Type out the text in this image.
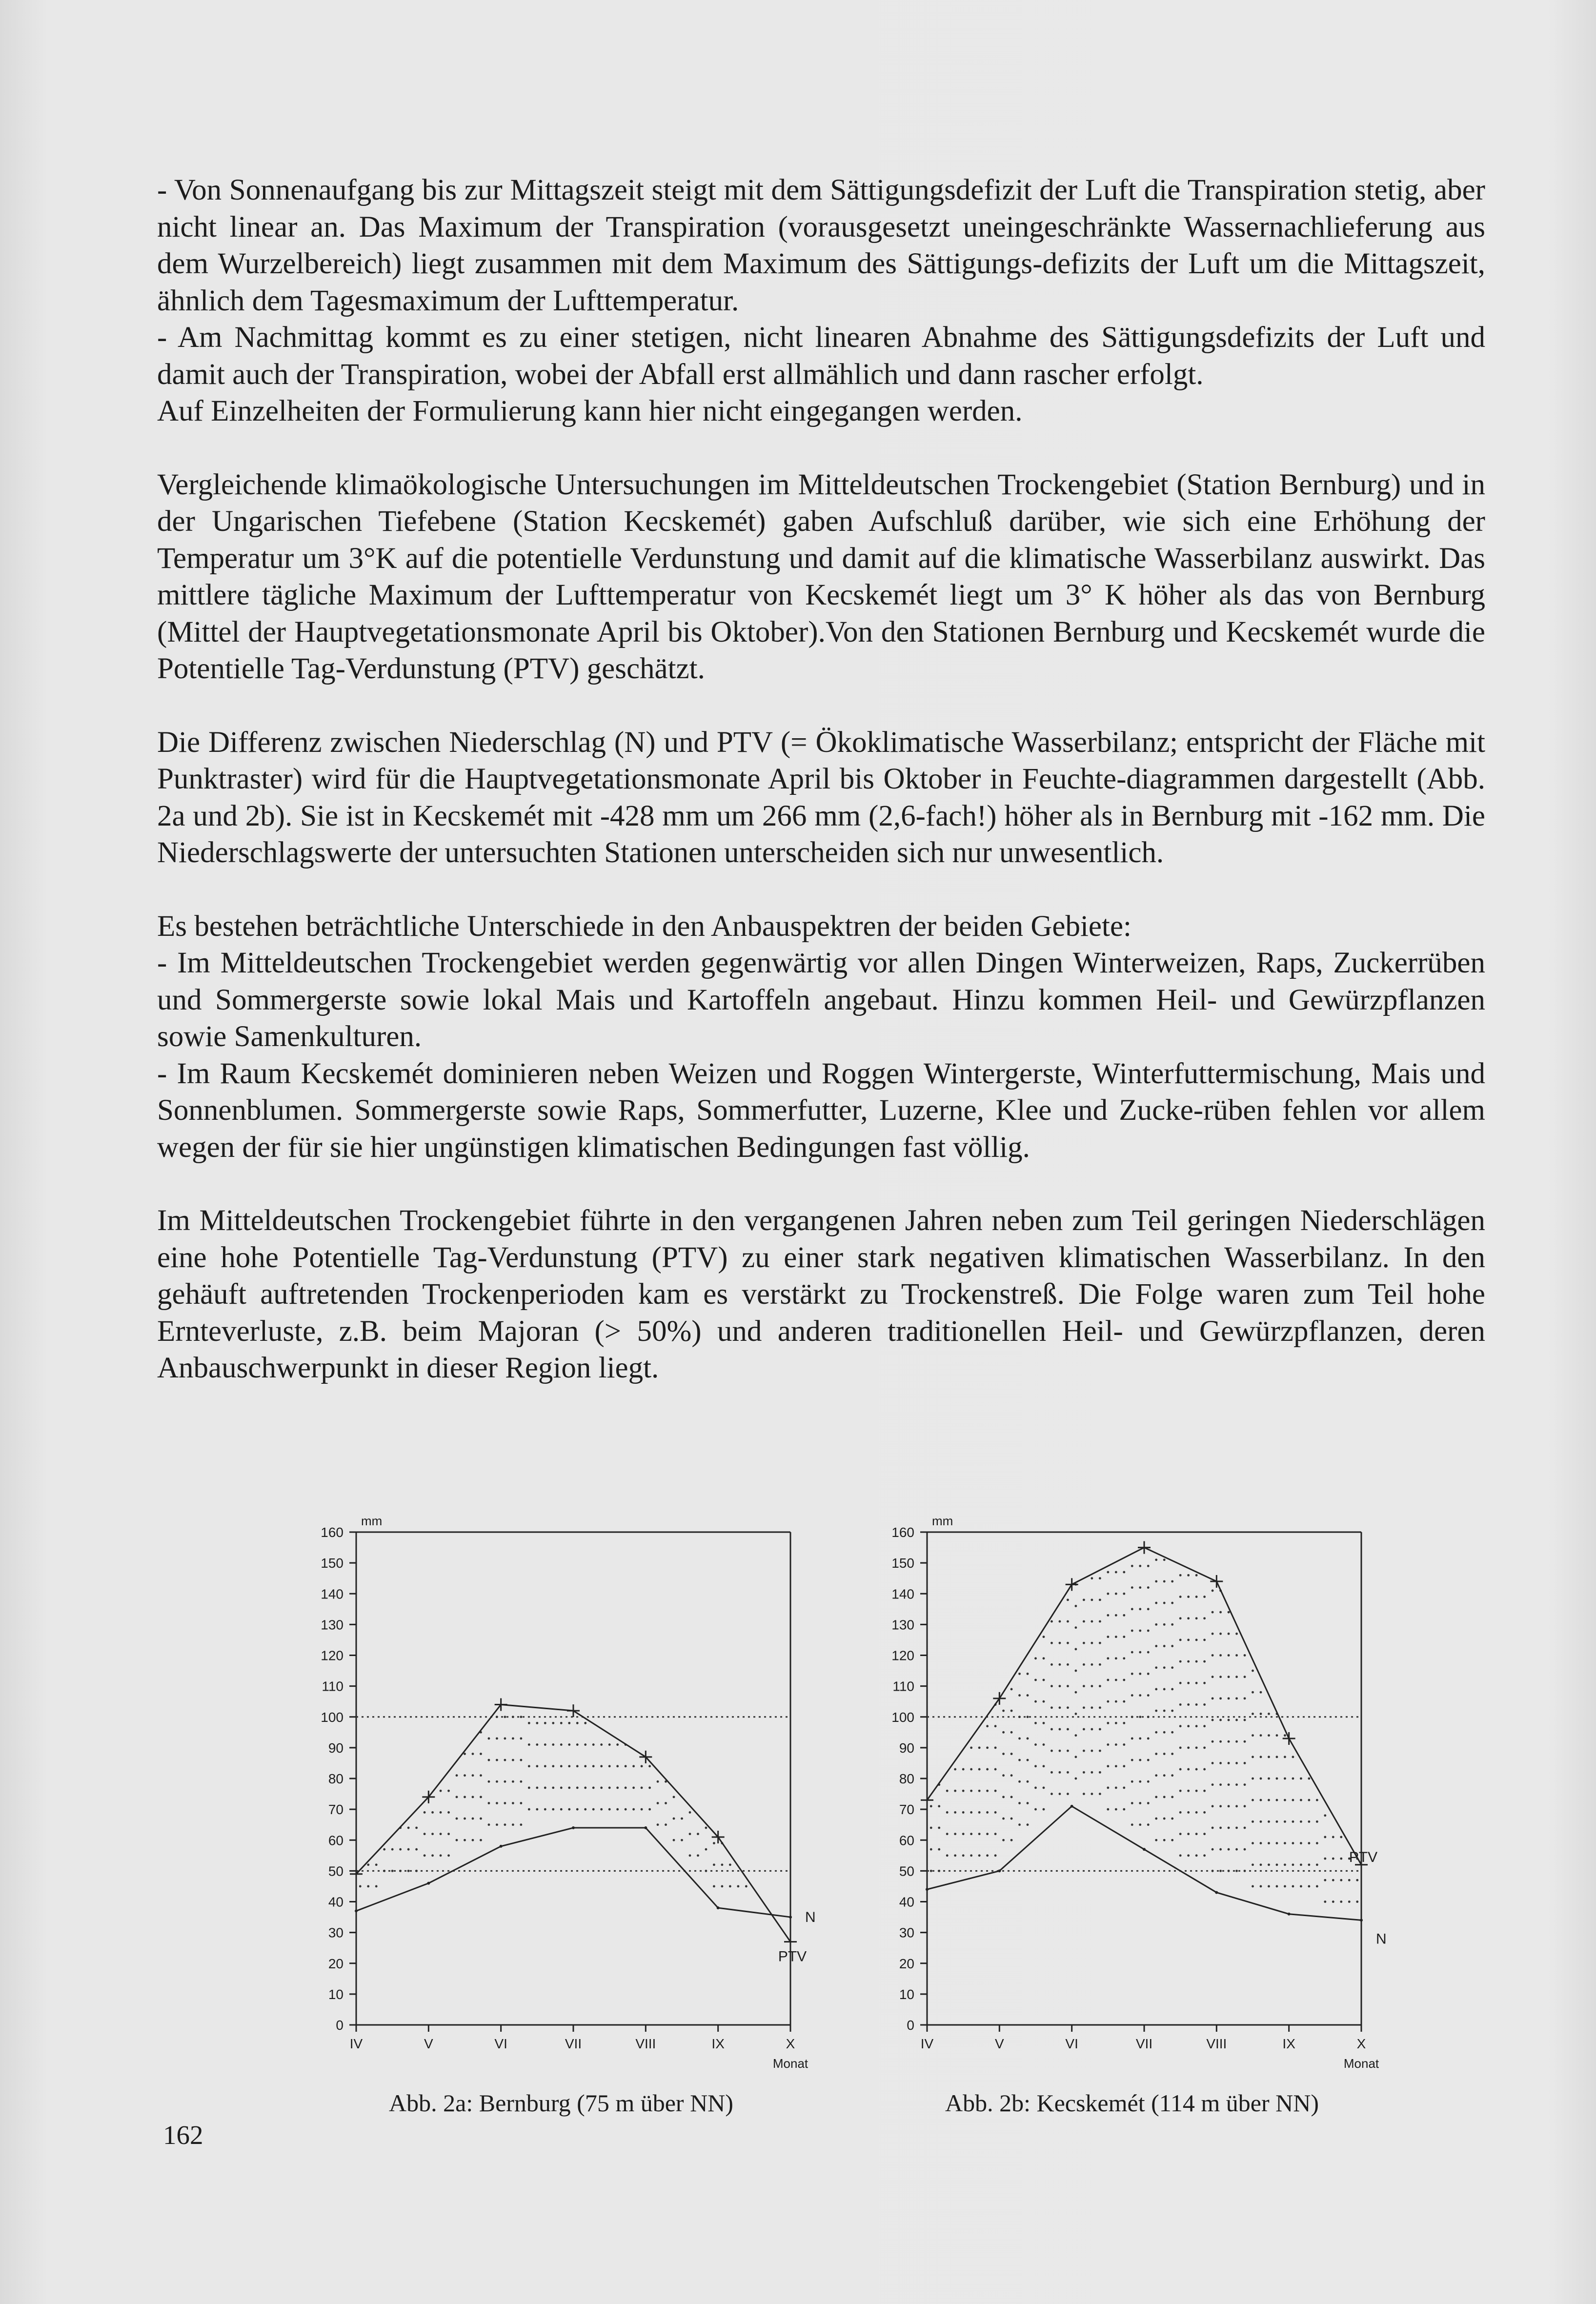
- Von Sonnenaufgang bis zur Mittagszeit steigt mit dem Sättigungsdefizit der Luft die Transpiration stetig, aber nicht linear an. Das Maximum der Transpiration (vorausgesetzt uneingeschränkte Wassernachlieferung aus dem Wurzelbereich) liegt zusammen mit dem Maximum des Sättigungs-defizits der Luft um die Mittagszeit, ähnlich dem Tagesmaximum der Lufttemperatur.
- Am Nachmittag kommt es zu einer stetigen, nicht linearen Abnahme des Sättigungsdefizits der Luft und damit auch der Transpiration, wobei der Abfall erst allmählich und dann rascher erfolgt.
Auf Einzelheiten der Formulierung kann hier nicht eingegangen werden.

Vergleichende klimaökologische Untersuchungen im Mitteldeutschen Trockengebiet (Station Bernburg) und in der Ungarischen Tiefebene (Station Kecskemét) gaben Aufschluß darüber, wie sich eine Erhöhung der Temperatur um 3°K auf die potentielle Verdunstung und damit auf die klimatische Wasserbilanz auswirkt. Das mittlere tägliche Maximum der Lufttemperatur von Kecskemét liegt um 3° K höher als das von Bernburg (Mittel der Hauptvegetationsmonate April bis Oktober).Von den Stationen Bernburg und Kecskemét wurde die Potentielle Tag-Verdunstung (PTV) geschätzt.

Die Differenz zwischen Niederschlag (N) und PTV (= Ökoklimatische Wasserbilanz; entspricht der Fläche mit Punktraster) wird für die Hauptvegetationsmonate April bis Oktober in Feuchte-diagrammen dargestellt (Abb. 2a und 2b). Sie ist in Kecskemét mit -428 mm um 266 mm (2,6-fach!) höher als in Bernburg mit -162 mm. Die Niederschlagswerte der untersuchten Stationen unterscheiden sich nur unwesentlich.

Es bestehen beträchtliche Unterschiede in den Anbauspektren der beiden Gebiete:
- Im Mitteldeutschen Trockengebiet werden gegenwärtig vor allen Dingen Winterweizen, Raps, Zuckerrüben und Sommergerste sowie lokal Mais und Kartoffeln angebaut. Hinzu kommen Heil- und Gewürzpflanzen sowie Samenkulturen.
- Im Raum Kecskemét dominieren neben Weizen und Roggen Wintergerste, Winterfuttermischung, Mais und Sonnenblumen. Sommergerste sowie Raps, Sommerfutter, Luzerne, Klee und Zucke-rüben fehlen vor allem wegen der für sie hier ungünstigen klimatischen Bedingungen fast völlig.

Im Mitteldeutschen Trockengebiet führte in den vergangenen Jahren neben zum Teil geringen Niederschlägen eine hohe Potentielle Tag-Verdunstung (PTV) zu einer stark negativen klimatischen Wasserbilanz. In den gehäuft auftretenden Trockenperioden kam es verstärkt zu Trockenstreß. Die Folge waren zum Teil hohe Ernteverluste, z.B. beim Majoran (> 50%) und anderen traditionellen Heil- und Gewürzpflanzen, deren Anbauschwerpunkt in dieser Region liegt.

0
10
20
30
40
50
60
70
80
90
100
110
120
130
140
150
160
mm
IV	V	VI	VII	VIII	IX	X
Monat
PTV
N
Abb. 2a: Bernburg (75 m über NN)
0
10
20
30
40
50
60
70
80
90
100
110
120
130
140
150
160
mm
IV	V	VI	VII	VIII	IX	X
Monat
PTV
N
Abb. 2b: Kecskemét (114 m über NN)
162
